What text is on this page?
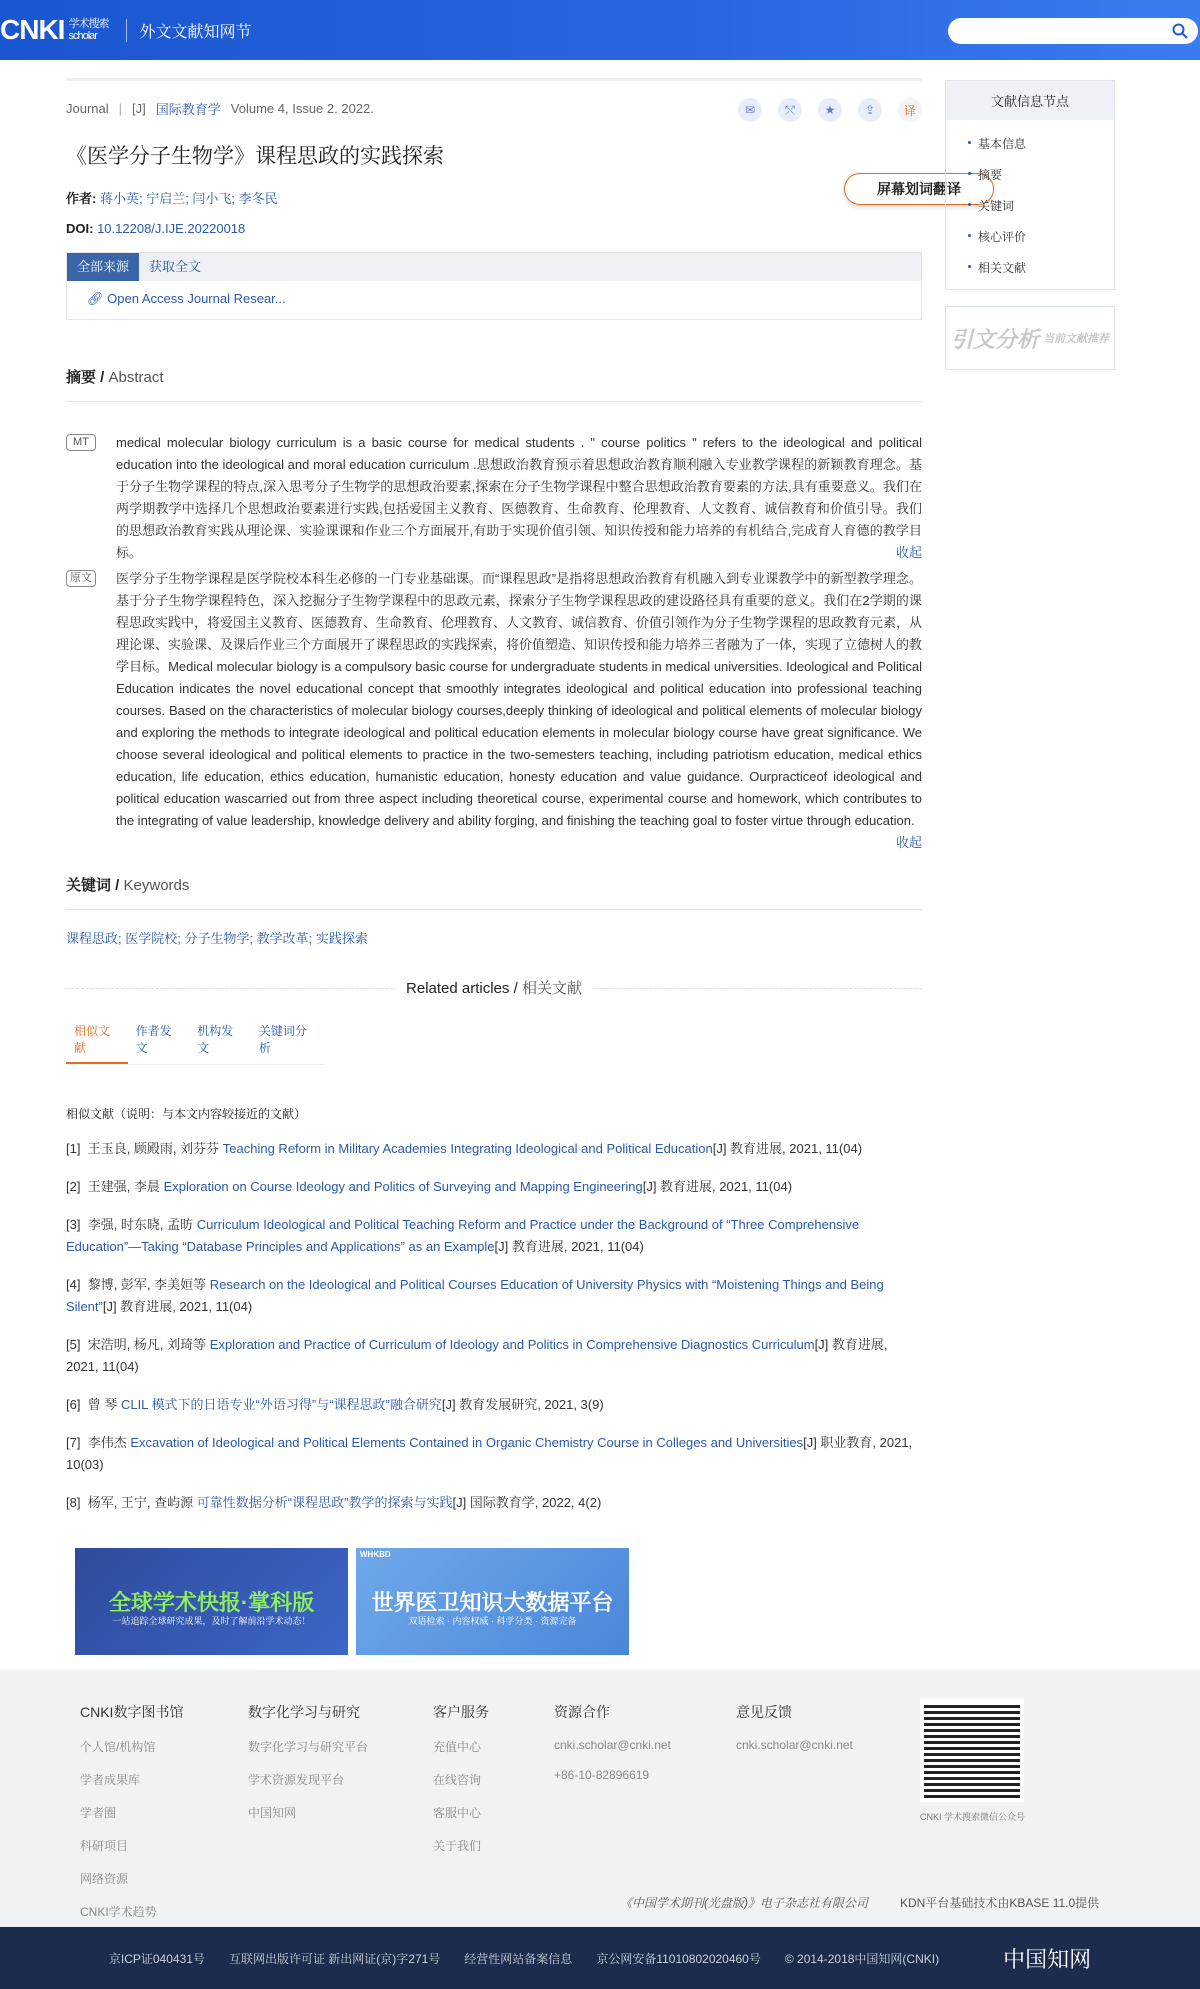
CNKI 学术搜索
scholar	外文文献知网节
Journal | [J] 国际教育学 Volume 4, Issue 2. 2022.	✉	⤲	★	⇪	译
屏幕划词翻译
《医学分子生物学》课程思政的实践探索
作者: 蒋小英; 宁启兰; 闫小飞; 李冬民
DOI: 10.12208/J.IJE.20220018
全部来源	获取全文
🔗︎ Open Access Journal Resear...
摘要 / Abstract
MT	medical molecular biology curriculum is a basic course for medical students . " course politics " refers to the ideological and political education into the ideological and moral education curriculum .思想政治教育预示着思想政治教育顺利融入专业教学课程的新颖教育理念。基于分子生物学课程的特点,深入思考分子生物学的思想政治要素,探索在分子生物学课程中整合思想政治教育要素的方法,具有重要意义。我们在两学期教学中选择几个思想政治要素进行实践,包括爱国主义教育、医德教育、生命教育、伦理教育、人文教育、诚信教育和价值引导。我们的思想政治教育实践从理论课、实验课课和作业三个方面展开,有助于实现价值引领、知识传授和能力培养的有机结合,完成育人育德的教学目标。	收起
原文	医学分子生物学课程是医学院校本科生必修的一门专业基础课。而“课程思政”是指将思想政治教育有机融入到专业课教学中的新型教学理念。基于分子生物学课程特色，深入挖掘分子生物学课程中的思政元素，探索分子生物学课程思政的建设路径具有重要的意义。我们在2学期的课程思政实践中，将爱国主义教育、医德教育、生命教育、伦理教育、人文教育、诚信教育、价值引领作为分子生物学课程的思政教育元素，从理论课、实验课、及课后作业三个方面展开了课程思政的实践探索，将价值塑造、知识传授和能力培养三者融为了一体，实现了立德树人的教学目标。Medical molecular biology is a compulsory basic course for undergraduate students in medical universities. Ideological and Political Education indicates the novel educational concept that smoothly integrates ideological and political education into professional teaching courses. Based on the characteristics of molecular biology courses,deeply thinking of ideological and political elements of molecular biology and exploring the methods to integrate ideological and political education elements in molecular biology course have great significance. We choose several ideological and political elements to practice in the two-semesters teaching, including patriotism education, medical ethics education, life education, ethics education, humanistic education, honesty education and value guidance. Ourpracticeof ideological and political education wascarried out from three aspect including theoretical course, experimental course and homework, which contributes to the integrating of value leadership, knowledge delivery and ability forging, and finishing the teaching goal to foster virtue through education.
收起
关键词 / Keywords
课程思政; 医学院校; 分子生物学; 教学改革; 实践探索
Related articles / 相关文献
相似文献
作者发文
机构发文
关键词分析
相似文献（说明：与本文内容较接近的文献）
[1] 王玉良, 顾殿雨, 刘芬芬 Teaching Reform in Military Academies Integrating Ideological and Political Education[J] 教育进展, 2021, 11(04)
[2] 王建强, 李晨 Exploration on Course Ideology and Politics of Surveying and Mapping Engineering[J] 教育进展, 2021, 11(04)
[3] 李强, 时东晓, 孟昉 Curriculum Ideological and Political Teaching Reform and Practice under the Background of “Three Comprehensive Education”—Taking “Database Principles and Applications” as an Example[J] 教育进展, 2021, 11(04)
[4] 黎博, 彭军, 李美姮等 Research on the Ideological and Political Courses Education of University Physics with “Moistening Things and Being Silent”[J] 教育进展, 2021, 11(04)
[5] 宋浩明, 杨凡, 刘琦等 Exploration and Practice of Curriculum of Ideology and Politics in Comprehensive Diagnostics Curriculum[J] 教育进展, 2021, 11(04)
[6] 曾 琴 CLIL 模式下的日语专业“外语习得”与“课程思政”融合研究[J] 教育发展研究, 2021, 3(9)
[7] 李伟杰 Excavation of Ideological and Political Elements Contained in Organic Chemistry Course in Colleges and Universities[J] 职业教育, 2021, 10(03)
[8] 杨军, 王宁, 查屿源 可靠性数据分析“课程思政”教学的探索与实践[J] 国际教育学, 2022, 4(2)
文献信息节点
基本信息
摘要
关键词
核心评价
相关文献
引文分析 当前文献推荐
全球学术快报·掌科版
一站追踪全球研究成果，及时了解前沿学术动态！
WHKBD
世界医卫知识大数据平台
双语检索 · 内容权威 · 科学分类 · 资源完备
CNKI数字图书馆
个人馆/机构馆
学者成果库
学者圈
科研项目
网络资源
CNKI学术趋势
数字化学习与研究
数字化学习与研究平台
学术资源发现平台
中国知网
客户服务
充值中心
在线咨询
客服中心
关于我们
资源合作
cnki.scholar@cnki.net
+86-10-82896619
意见反馈
cnki.scholar@cnki.net
CNKI 学术搜索微信公众号
《中国学术期刊(光盘版)》电子杂志社有限公司	KDN平台基础技术由KBASE 11.0提供
京ICP证040431号 互联网出版许可证 新出网证(京)字271号 经营性网站备案信息 京公网安备11010802020460号 © 2014-2018中国知网(CNKI)	中国知网
